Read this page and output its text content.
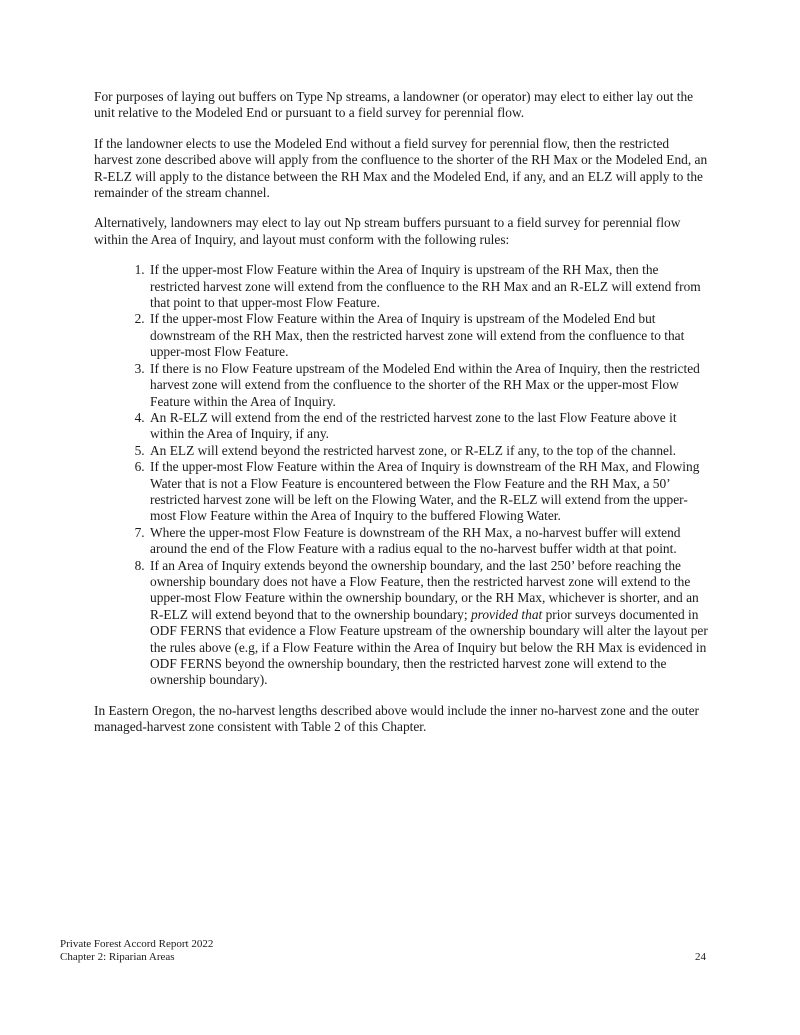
For purposes of laying out buffers on Type Np streams, a landowner (or operator) may elect to either lay out the unit relative to the Modeled End or pursuant to a field survey for perennial flow.

If the landowner elects to use the Modeled End without a field survey for perennial flow, then the restricted harvest zone described above will apply from the confluence to the shorter of the RH Max or the Modeled End, an R-ELZ will apply to the distance between the RH Max and the Modeled End, if any, and an ELZ will apply to the remainder of the stream channel.

Alternatively, landowners may elect to lay out Np stream buffers pursuant to a field survey for perennial flow within the Area of Inquiry, and layout must conform with the following rules:

1. If the upper-most Flow Feature within the Area of Inquiry is upstream of the RH Max, then the restricted harvest zone will extend from the confluence to the RH Max and an R-ELZ will extend from that point to that upper-most Flow Feature.
2. If the upper-most Flow Feature within the Area of Inquiry is upstream of the Modeled End but downstream of the RH Max, then the restricted harvest zone will extend from the confluence to that upper-most Flow Feature.
3. If there is no Flow Feature upstream of the Modeled End within the Area of Inquiry, then the restricted harvest zone will extend from the confluence to the shorter of the RH Max or the upper-most Flow Feature within the Area of Inquiry.
4. An R-ELZ will extend from the end of the restricted harvest zone to the last Flow Feature above it within the Area of Inquiry, if any.
5. An ELZ will extend beyond the restricted harvest zone, or R-ELZ if any, to the top of the channel.
6. If the upper-most Flow Feature within the Area of Inquiry is downstream of the RH Max, and Flowing Water that is not a Flow Feature is encountered between the Flow Feature and the RH Max, a 50’ restricted harvest zone will be left on the Flowing Water, and the R-ELZ will extend from the upper-most Flow Feature within the Area of Inquiry to the buffered Flowing Water.
7. Where the upper-most Flow Feature is downstream of the RH Max, a no-harvest buffer will extend around the end of the Flow Feature with a radius equal to the no-harvest buffer width at that point.
8. If an Area of Inquiry extends beyond the ownership boundary, and the last 250’ before reaching the ownership boundary does not have a Flow Feature, then the restricted harvest zone will extend to the upper-most Flow Feature within the ownership boundary, or the RH Max, whichever is shorter, and an R-ELZ will extend beyond that to the ownership boundary; provided that prior surveys documented in ODF FERNS that evidence a Flow Feature upstream of the ownership boundary will alter the layout per the rules above (e.g, if a Flow Feature within the Area of Inquiry but below the RH Max is evidenced in ODF FERNS beyond the ownership boundary, then the restricted harvest zone will extend to the ownership boundary).

In Eastern Oregon, the no-harvest lengths described above would include the inner no-harvest zone and the outer managed-harvest zone consistent with Table 2 of this Chapter.

Private Forest Accord Report 2022
Chapter 2: Riparian Areas	24
